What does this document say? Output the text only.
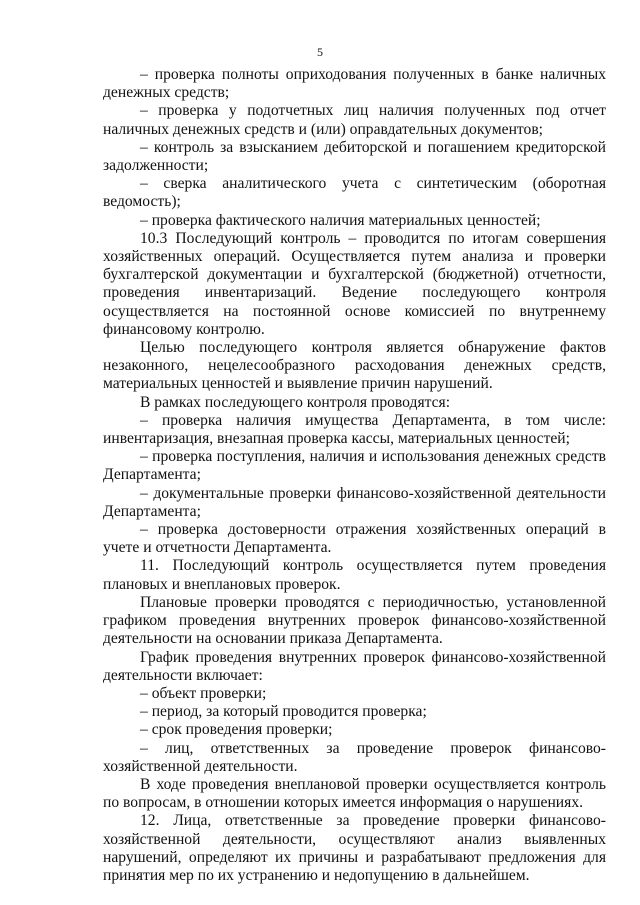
5

– проверка полноты оприходования полученных в банке наличных денежных средств;

– проверка у подотчетных лиц наличия полученных под отчет наличных денежных средств и (или) оправдательных документов;

– контроль за взысканием дебиторской и погашением кредиторской задолженности;

– сверка аналитического учета с синтетическим (оборотная ведомость);

– проверка фактического наличия материальных ценностей;

10.3 Последующий контроль – проводится по итогам совершения хозяйственных операций. Осуществляется путем анализа и проверки бухгалтерской документации и бухгалтерской (бюджетной) отчетности, проведения инвентаризаций. Ведение последующего контроля осуществляется на постоянной основе комиссией по внутреннему финансовому контролю.

Целью последующего контроля является обнаружение фактов незаконного, нецелесообразного расходования денежных средств, материальных ценностей и выявление причин нарушений.

В рамках последующего контроля проводятся:

– проверка наличия имущества Департамента, в том числе: инвентаризация, внезапная проверка кассы, материальных ценностей;

– проверка поступления, наличия и использования денежных средств Департамента;

– документальные проверки финансово-хозяйственной деятельности Департамента;

– проверка достоверности отражения хозяйственных операций в учете и отчетности Департамента.

11. Последующий контроль осуществляется путем проведения плановых и внеплановых проверок.

Плановые проверки проводятся с периодичностью, установленной графиком проведения внутренних проверок финансово-хозяйственной деятельности на основании приказа Департамента.

График проведения внутренних проверок финансово-хозяйственной деятельности включает:

– объект проверки;

– период, за который проводится проверка;

– срок проведения проверки;

– лиц, ответственных за проведение проверок финансово-хозяйственной деятельности.

В ходе проведения внеплановой проверки осуществляется контроль по вопросам, в отношении которых имеется информация о нарушениях.

12. Лица, ответственные за проведение проверки финансово-хозяйственной деятельности, осуществляют анализ выявленных нарушений, определяют их причины и разрабатывают предложения для принятия мер по их устранению и недопущению в дальнейшем.
